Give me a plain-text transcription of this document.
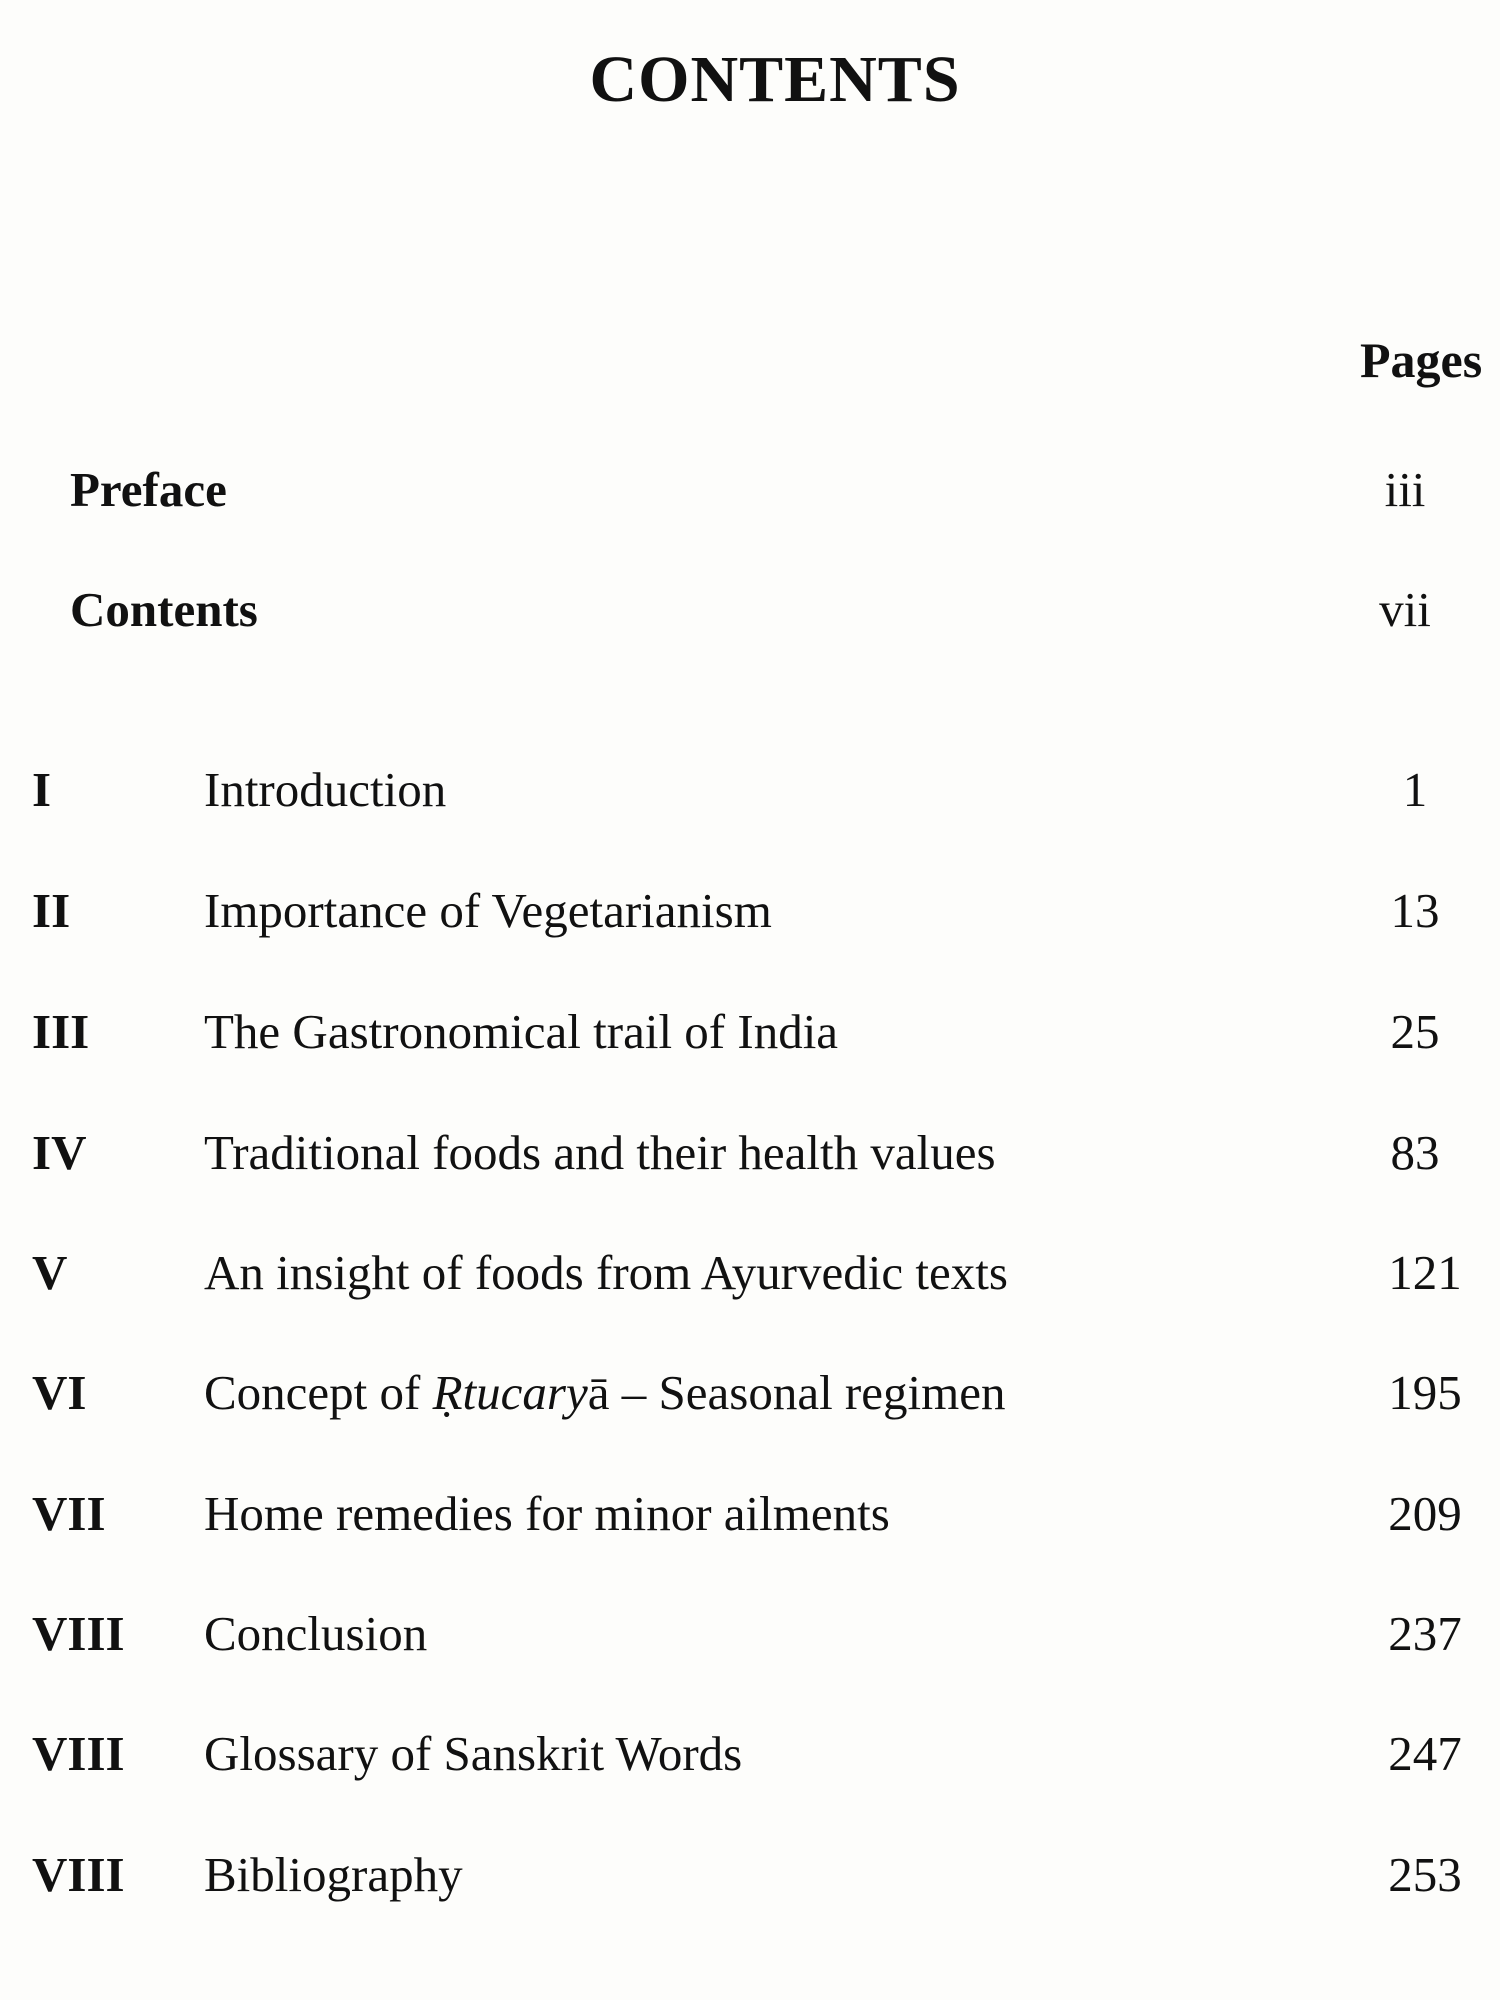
CONTENTS
Pages
Preface	iii
Contents	vii
I	Introduction	1
II	Importance of Vegetarianism	13
III The Gastronomical trail of India	25
IV Traditional foods and their health values	83
V	An insight of foods from Ayurvedic texts	121
VI Concept of Ṛtucaryā – Seasonal regimen	195
VII Home remedies for minor ailments	209
VIII Conclusion	237
VIII Glossary of Sanskrit Words	247
VIII Bibliography	253
